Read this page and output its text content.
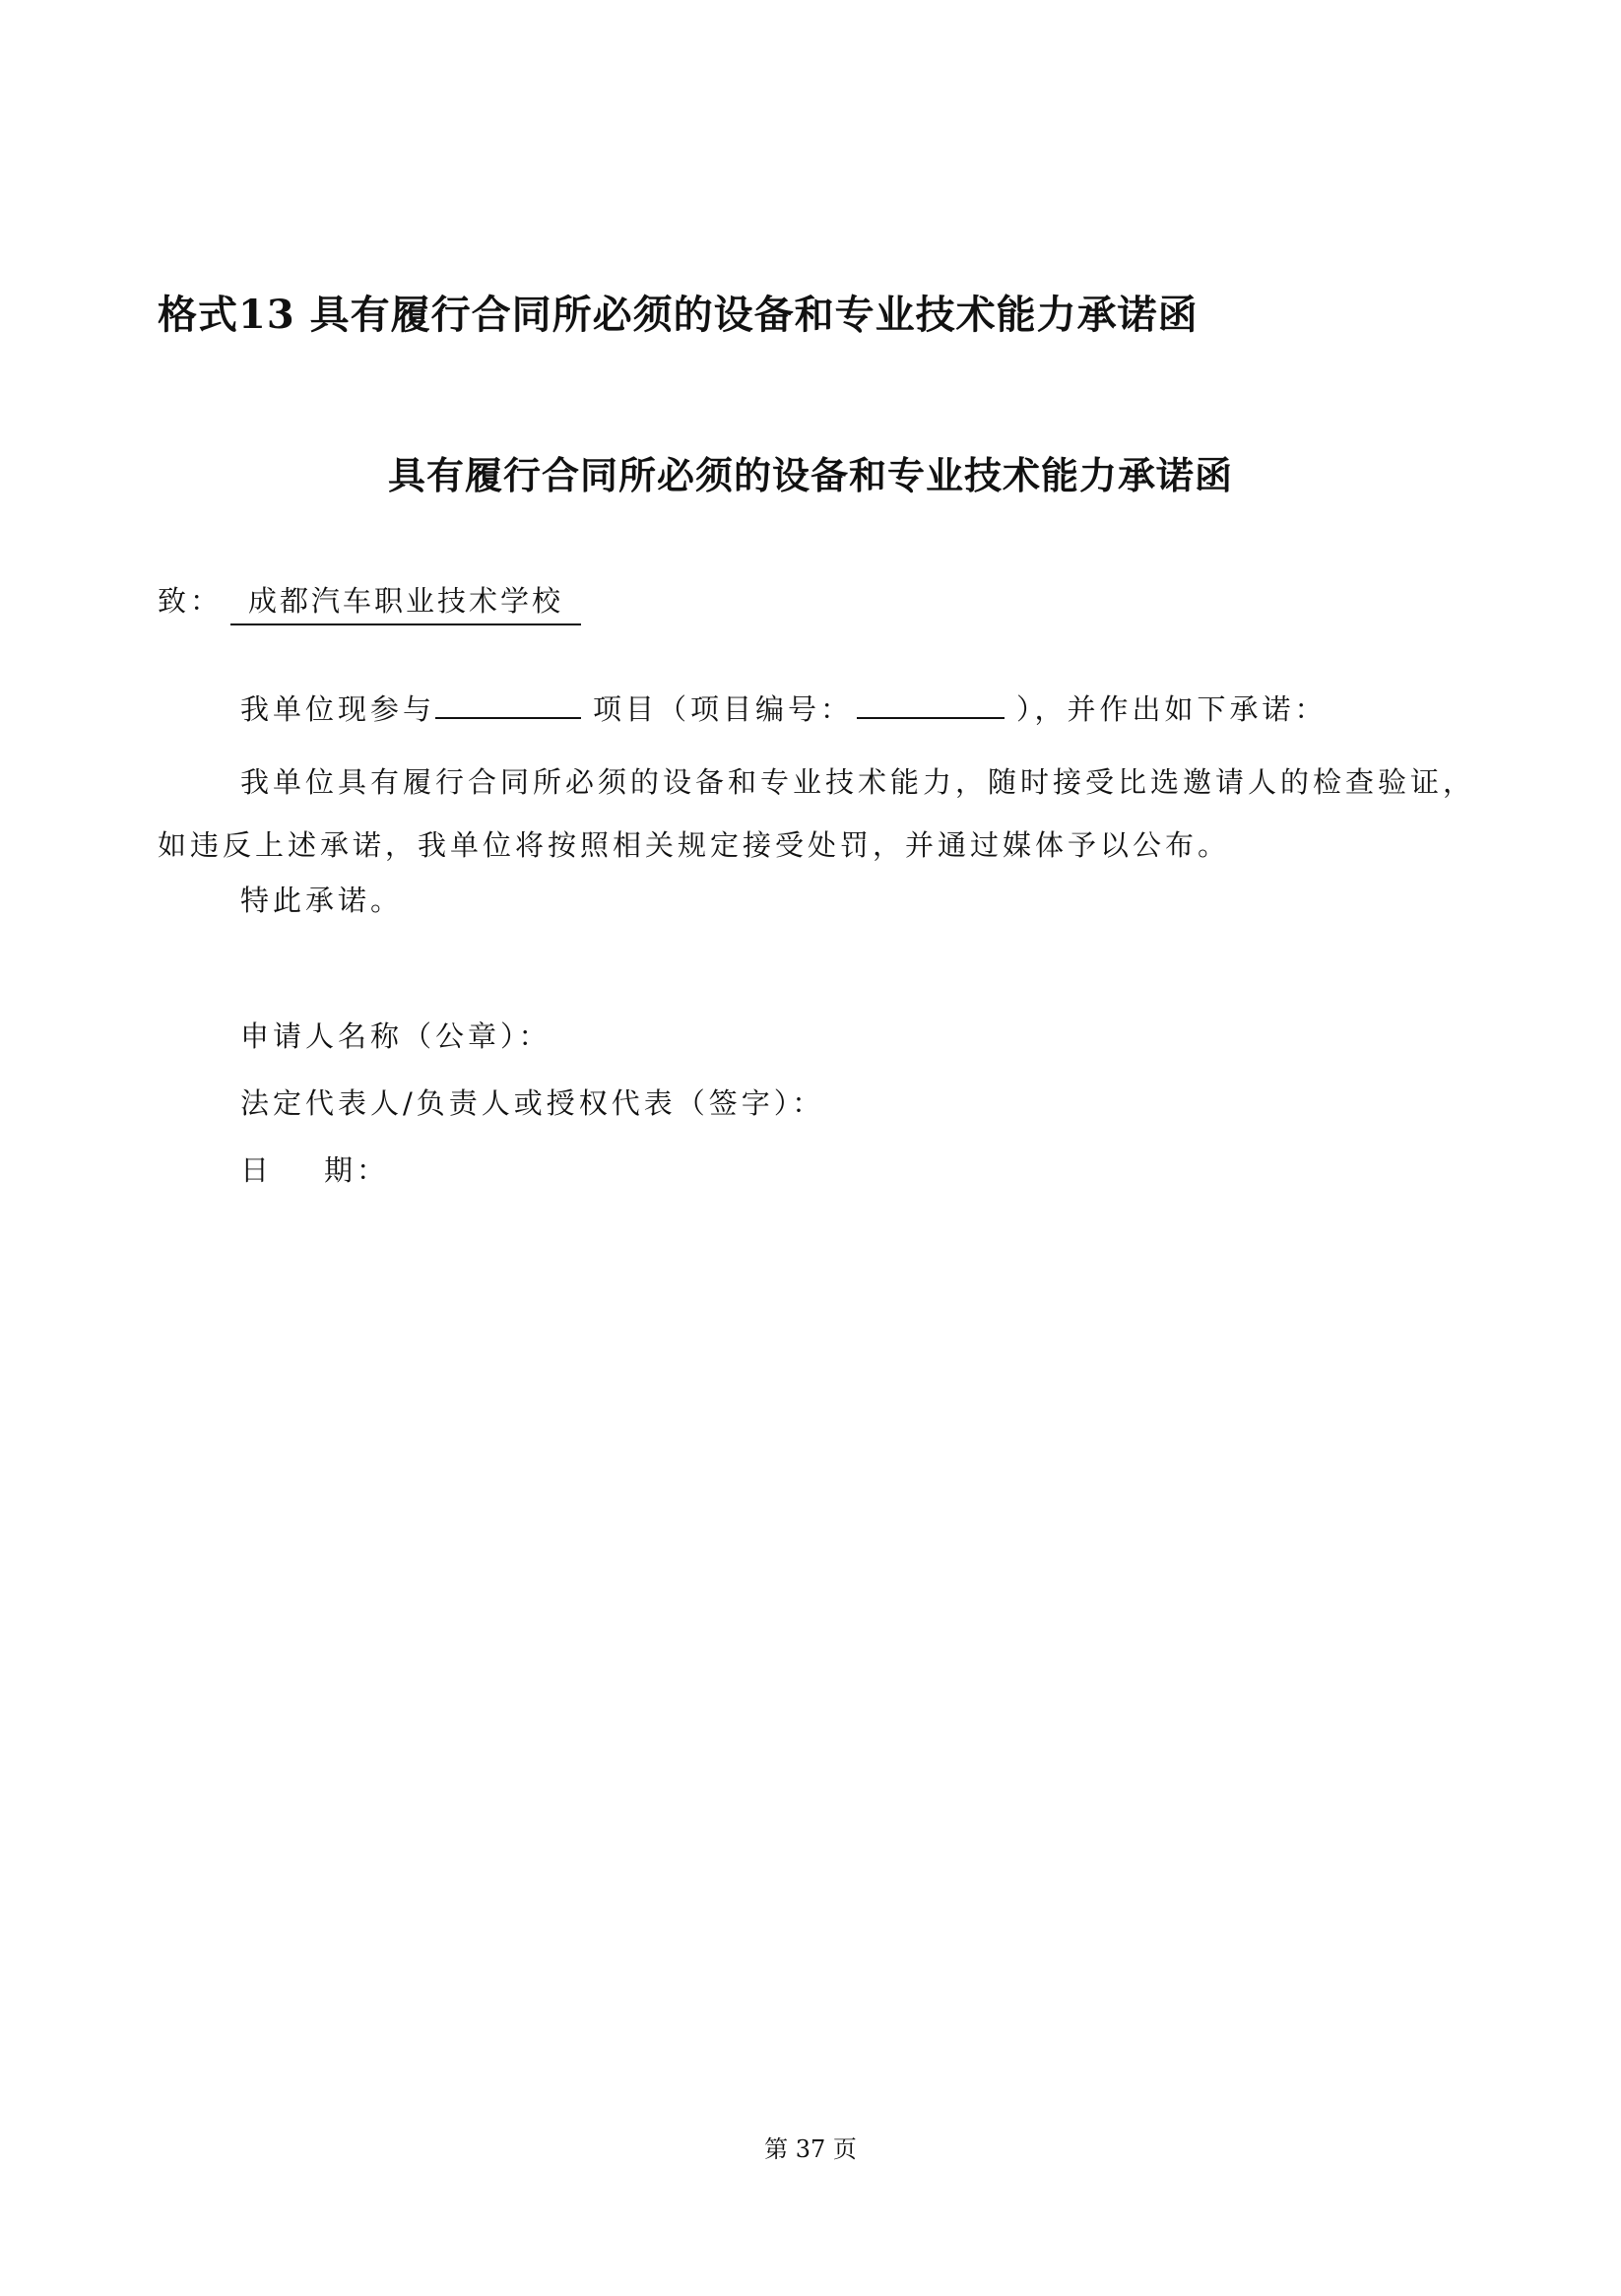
格式13 具有履行合同所必须的设备和专业技术能力承诺函
具有履行合同所必须的设备和专业技术能力承诺函
致： 成都汽车职业技术学校
我单位现参与	项目（项目编号：	），并作出如下承诺：
我单位具有履行合同所必须的设备和专业技术能力，随时接受比选邀请人的检查验证，如违反上述承诺，我单位将按照相关规定接受处罚，并通过媒体予以公布。
特此承诺。
申请人名称（公章）：
法定代表人/负责人或授权代表（签字）：
日 期：
第 37 页
